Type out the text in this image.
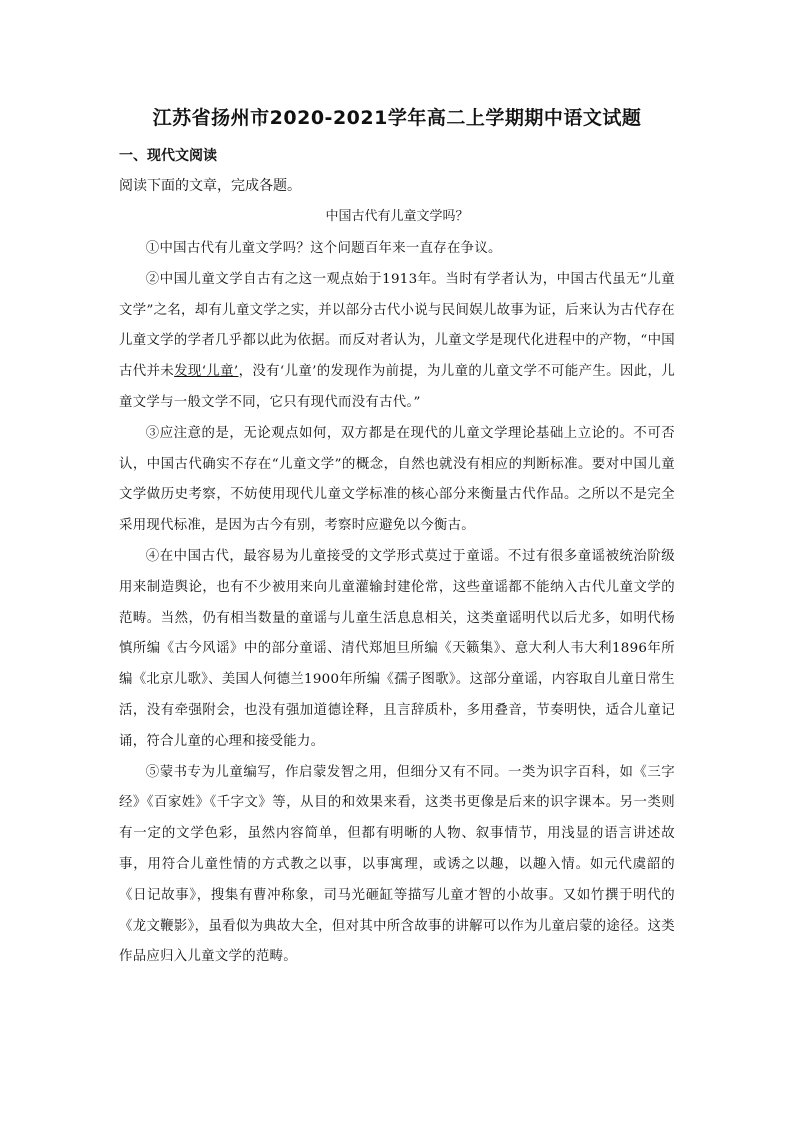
江苏省扬州市2020-2021学年高二上学期期中语文试题
一、现代文阅读
阅读下面的文章，完成各题。
中国古代有儿童文学吗？

①中国古代有儿童文学吗？这个问题百年来一直存在争议。

②中国儿童文学自古有之这一观点始于1913年。当时有学者认为，中国古代虽无“儿童文学”之名，却有儿童文学之实，并以部分古代小说与民间娱儿故事为证，后来认为古代存在儿童文学的学者几乎都以此为依据。而反对者认为，儿童文学是现代化进程中的产物，“中国古代并未发现‘儿童’，没有‘儿童’的发现作为前提，为儿童的儿童文学不可能产生。因此，儿童文学与一般文学不同，它只有现代而没有古代。”

③应注意的是，无论观点如何，双方都是在现代的儿童文学理论基础上立论的。不可否认，中国古代确实不存在“儿童文学”的概念，自然也就没有相应的判断标准。要对中国儿童文学做历史考察，不妨使用现代儿童文学标准的核心部分来衡量古代作品。之所以不是完全采用现代标准，是因为古今有别，考察时应避免以今衡古。

④在中国古代，最容易为儿童接受的文学形式莫过于童谣。不过有很多童谣被统治阶级用来制造舆论，也有不少被用来向儿童灌输封建伦常，这些童谣都不能纳入古代儿童文学的范畴。当然，仍有相当数量的童谣与儿童生活息息相关，这类童谣明代以后尤多，如明代杨慎所编《古今风谣》中的部分童谣、清代郑旭旦所编《天籁集》、意大利人韦大利1896年所编《北京儿歌》、美国人何德兰1900年所编《孺子图歌》。这部分童谣，内容取自儿童日常生活，没有牵强附会，也没有强加道德诠释，且言辞质朴，多用叠音，节奏明快，适合儿童记诵，符合儿童的心理和接受能力。

⑤蒙书专为儿童编写，作启蒙发智之用，但细分又有不同。一类为识字百科，如《三字经》《百家姓》《千字文》等，从目的和效果来看，这类书更像是后来的识字课本。另一类则有一定的文学色彩，虽然内容简单，但都有明晰的人物、叙事情节，用浅显的语言讲述故事，用符合儿童性情的方式教之以事，以事寓理，或诱之以趣，以趣入情。如元代虞韶的《日记故事》，搜集有曹冲称象，司马光砸缸等描写儿童才智的小故事。又如竹撰于明代的《龙文鞭影》，虽看似为典故大全，但对其中所含故事的讲解可以作为儿童启蒙的途径。这类作品应归入儿童文学的范畴。
